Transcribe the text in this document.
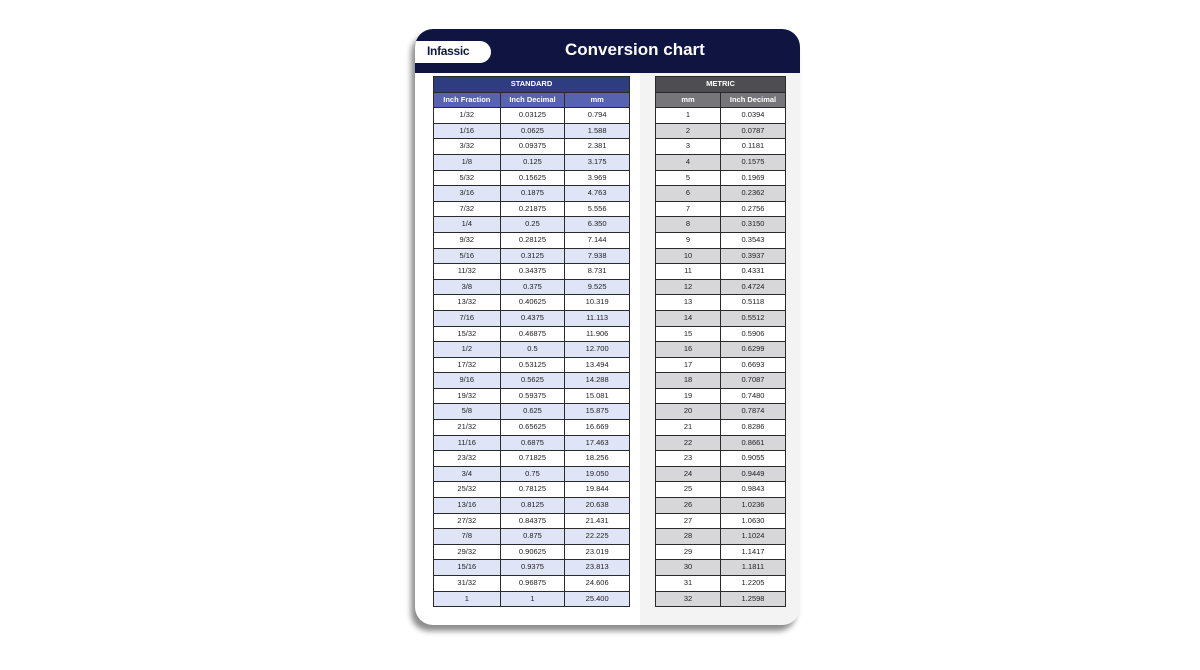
Infassic	Conversion chart
STANDARD		
Inch Fraction	Inch Decimal	mm
1/32	0.03125	0.794
1/16	0.0625	1.588
3/32	0.09375	2.381
1/8	0.125	3.175
5/32	0.15625	3.969
3/16	0.1875	4.763
7/32	0.21875	5.556
1/4	0.25	6.350
9/32	0.28125	7.144
5/16	0.3125	7.938
11/32	0.34375	8.731
3/8	0.375	9.525
13/32	0.40625	10.319
7/16	0.4375	11.113
15/32	0.46875	11.906
1/2	0.5	12.700
17/32	0.53125	13.494
9/16	0.5625	14.288
19/32	0.59375	15.081
5/8	0.625	15.875
21/32	0.65625	16.669
11/16	0.6875	17.463
23/32	0.71825	18.256
3/4	0.75	19.050
25/32	0.78125	19.844
13/16	0.8125	20.638
27/32	0.84375	21.431
7/8	0.875	22.225
29/32	0.90625	23.019
15/16	0.9375	23.813
31/32	0.96875	24.606
1	1	25.400
METRIC	
mm	Inch Decimal
1	0.0394
2	0.0787
3	0.1181
4	0.1575
5	0.1969
6	0.2362
7	0.2756
8	0.3150
9	0.3543
10	0.3937
11	0.4331
12	0.4724
13	0.5118
14	0.5512
15	0.5906
16	0.6299
17	0.6693
18	0.7087
19	0.7480
20	0.7874
21	0.8286
22	0.8661
23	0.9055
24	0.9449
25	0.9843
26	1.0236
27	1.0630
28	1.1024
29	1.1417
30	1.1811
31	1.2205
32	1.2598
